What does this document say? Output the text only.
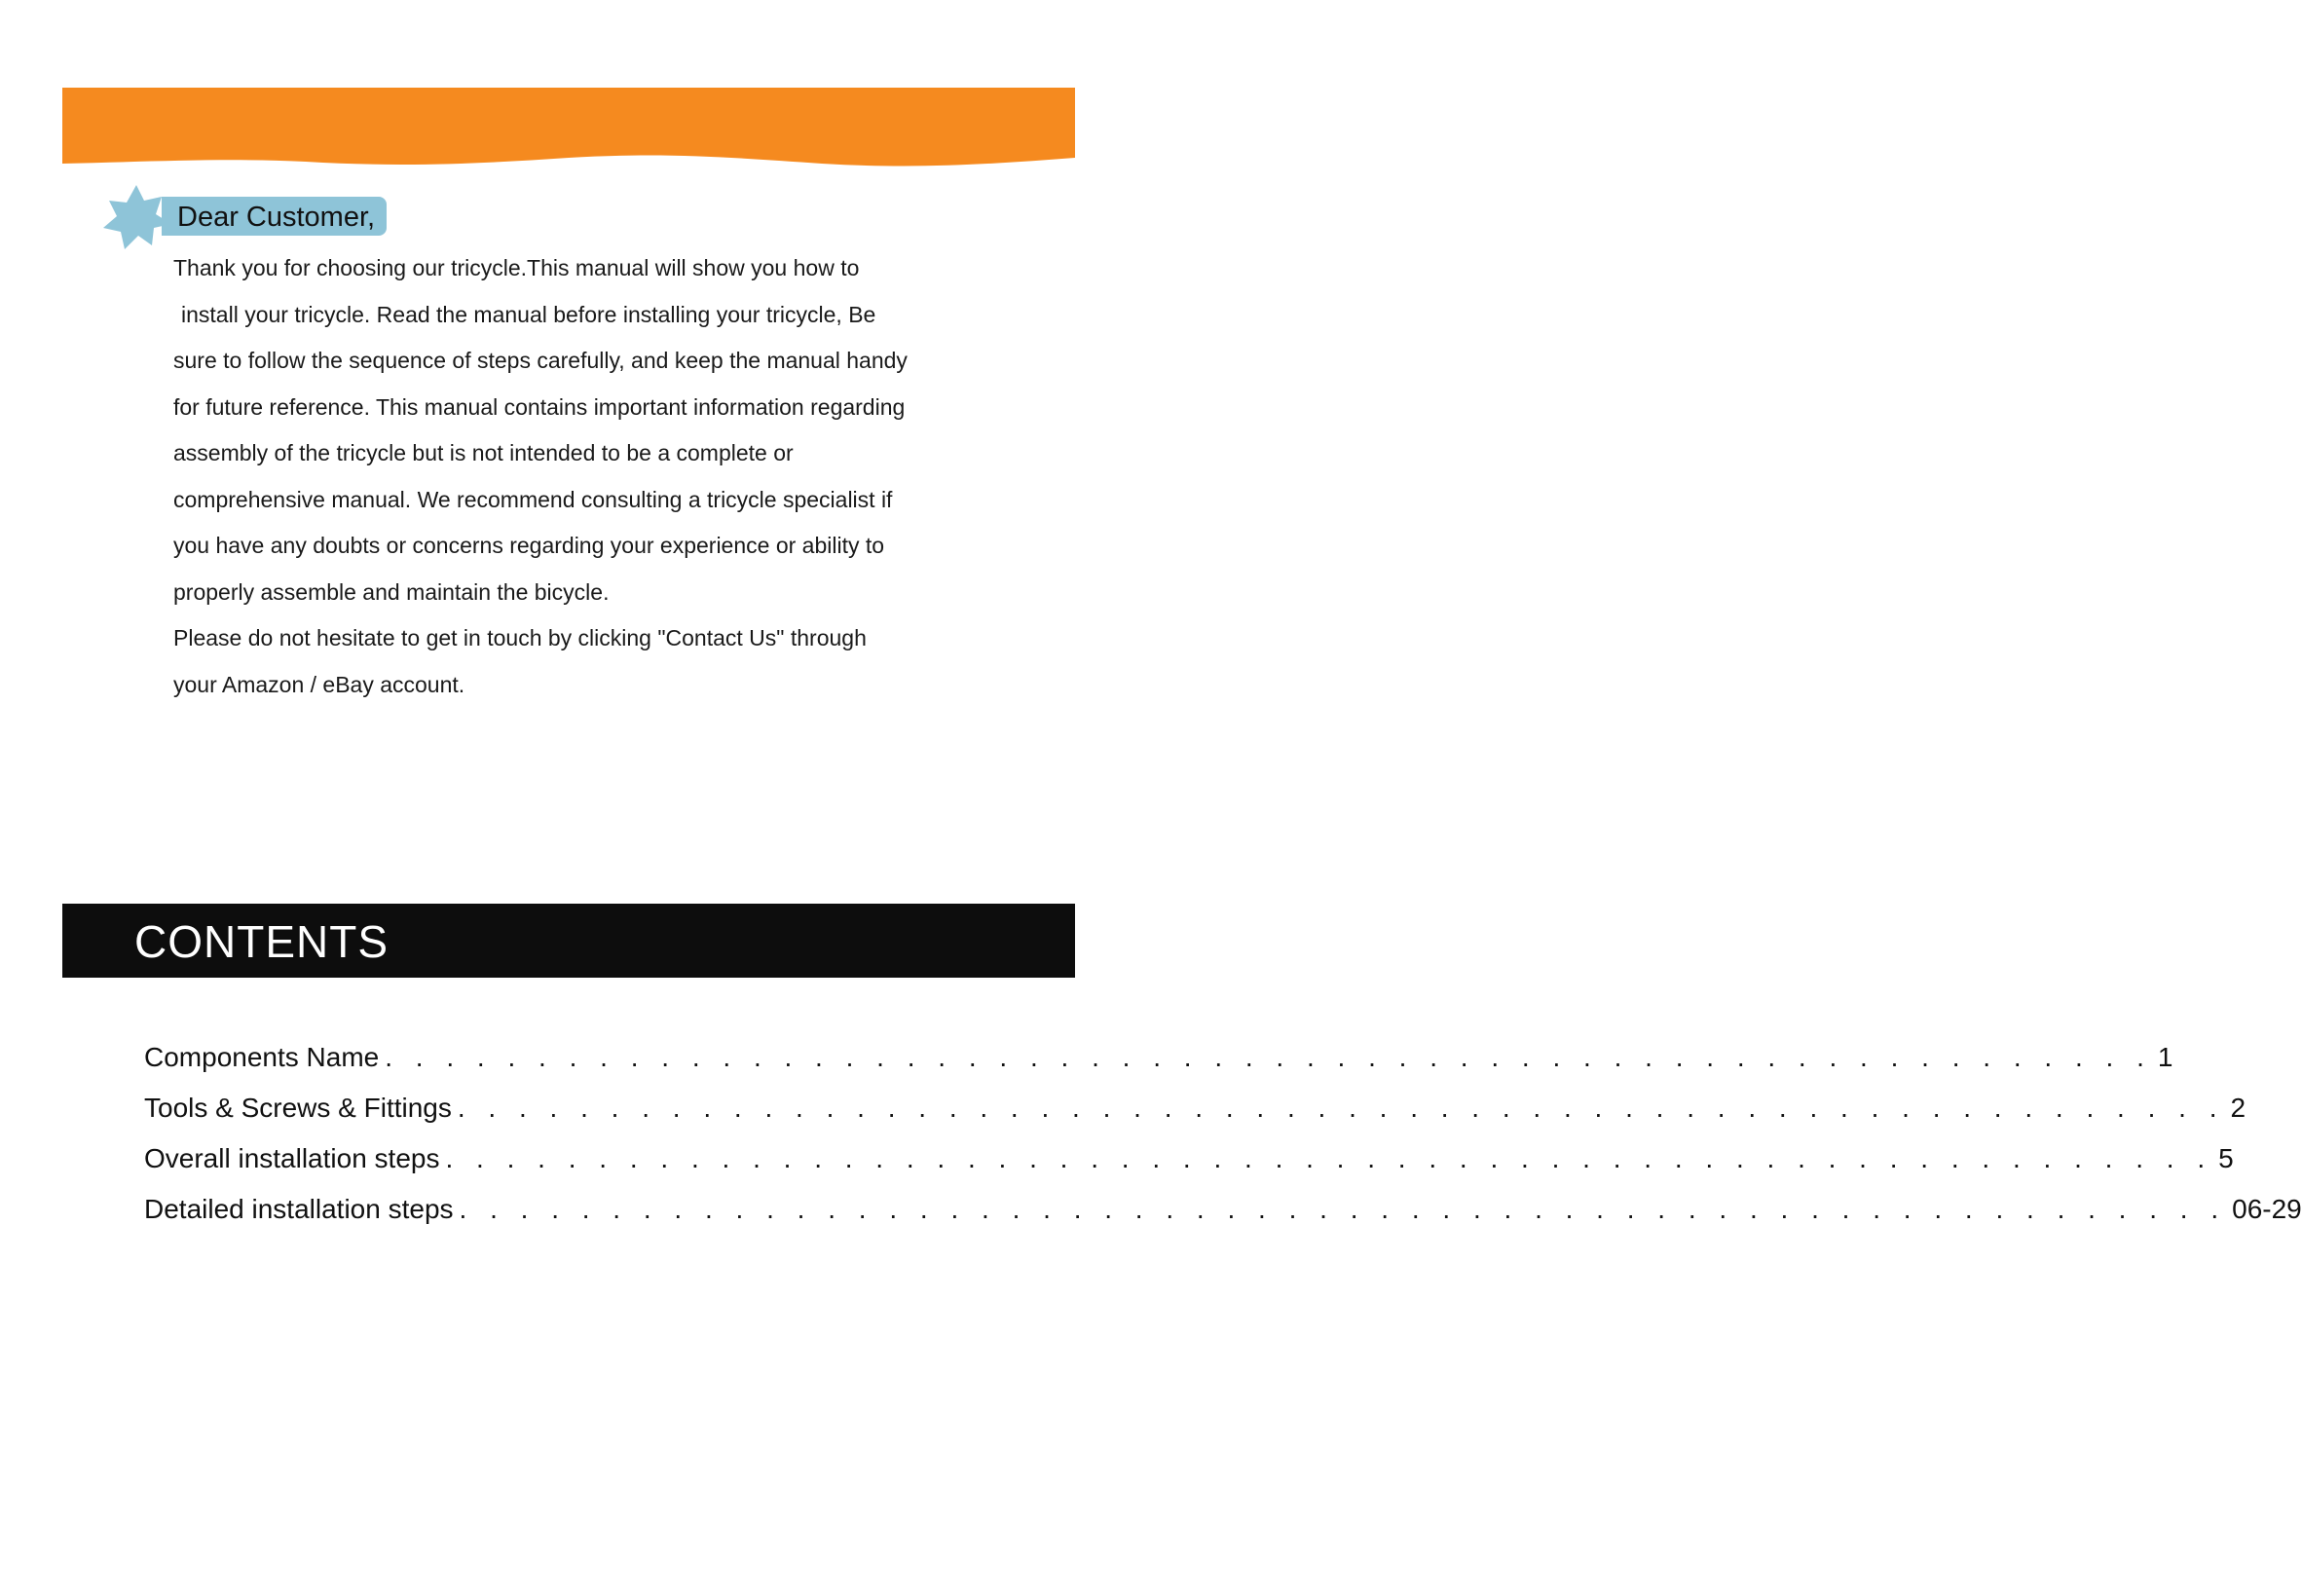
Dear Customer,
Thank you for choosing our tricycle.This manual will show you how to
install your tricycle. Read the manual before installing your tricycle, Be
sure to follow the sequence of steps carefully, and keep the manual handy
for future reference. This manual contains important information regarding
assembly of the tricycle but is not intended to be a complete or
comprehensive manual. We recommend consulting a tricycle specialist if
you have any doubts or concerns regarding your experience or ability to
properly assemble and maintain the bicycle.
Please do not hesitate to get in touch by clicking "Contact Us" through
your Amazon / eBay account.
CONTENTS
Components Name . . . . . . . . . . . . . . . . . . . . . . . . . . . . . . . . . . . . . . . . . . . . . . . . . . . . . . . . . . 1
Tools & Screws & Fittings . . . . . . . . . . . . . . . . . . . . . . . . . . . . . . . . . . . . . . . . . . . . . . . . . . . . . . . . . . 2
Overall installation steps . . . . . . . . . . . . . . . . . . . . . . . . . . . . . . . . . . . . . . . . . . . . . . . . . . . . . . . . . . 5
Detailed installation steps . . . . . . . . . . . . . . . . . . . . . . . . . . . . . . . . . . . . . . . . . . . . . . . . . . . . . . . . . . 06-29
